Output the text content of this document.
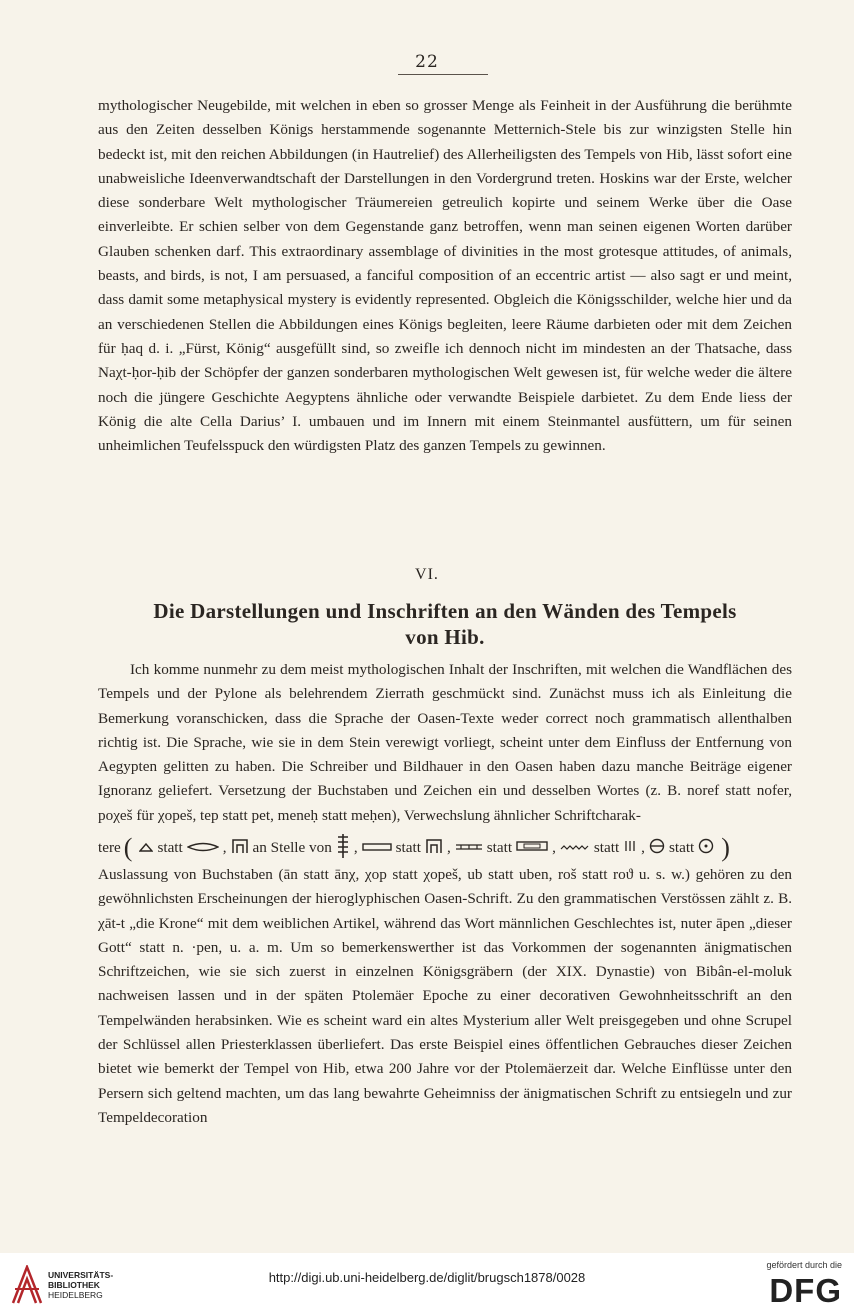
22

mythologischer Neugebilde, mit welchen in eben so grosser Menge als Feinheit in der Ausführung die berühmte aus den Zeiten desselben Königs herstammende sogenannte Metternich-Stele bis zur winzigsten Stelle hin bedeckt ist, mit den reichen Abbildungen (in Hautrelief) des Allerheiligsten des Tempels von Hib, lässt sofort eine unabweisliche Ideenverwandtschaft der Darstellungen in den Vordergrund treten. Hoskins war der Erste, welcher diese sonderbare Welt mythologischer Träumereien getreulich kopirte und seinem Werke über die Oase einverleibte. Er schien selber von dem Gegenstande ganz betroffen, wenn man seinen eigenen Worten darüber Glauben schenken darf. This extraordinary assemblage of divinities in the most grotesque attitudes, of animals, beasts, and birds, is not, I am persuased, a fanciful composition of an eccentric artist — also sagt er und meint, dass damit some metaphysical mystery is evidently represented. Obgleich die Königsschilder, welche hier und da an verschiedenen Stellen die Abbildungen eines Königs begleiten, leere Räume darbieten oder mit dem Zeichen für ḥaq d. i. „Fürst, König“ ausgefüllt sind, so zweifle ich dennoch nicht im mindesten an der Thatsache, dass Naχt-ḥor-ḥib der Schöpfer der ganzen sonderbaren mythologischen Welt gewesen ist, für welche weder die ältere noch die jüngere Geschichte Aegyptens ähnliche oder verwandte Beispiele darbietet. Zu dem Ende liess der König die alte Cella Darius’ I. umbauen und im Innern mit einem Steinmantel ausfüttern, um für seinen unheimlichen Teufelsspuck den würdigsten Platz des ganzen Tempels zu gewinnen.

VI.
Die Darstellungen und Inschriften an den Wänden des Tempels
von Hib.

Ich komme nunmehr zu dem meist mythologischen Inhalt der Inschriften, mit welchen die Wandflächen des Tempels und der Pylone als belehrendem Zierrath geschmückt sind. Zunächst muss ich als Einleitung die Bemerkung voranschicken, dass die Sprache der Oasen-Texte weder correct noch grammatisch allenthalben richtig ist. Die Sprache, wie sie in dem Stein verewigt vorliegt, scheint unter dem Einfluss der Entfernung von Aegypten gelitten zu haben. Die Schreiber und Bildhauer in den Oasen haben dazu manche Beiträge eigener Ignoranz geliefert. Versetzung der Buchstaben und Zeichen ein und desselben Wortes (z. B. noref statt nofer, poχeš für χopeš, tep statt pet, meneḥ statt meḥen), Verwechslung ähnlicher Schriftcharak-

tere ( statt	, an Stelle von ,	statt , statt	,	statt , statt )

Auslassung von Buchstaben (ān statt ānχ, χop statt χopeš, ub statt uben, roš statt roϑ u. s. w.) gehören zu den gewöhnlichsten Erscheinungen der hieroglyphischen Oasen-Schrift. Zu den grammatischen Verstössen zählt z. B. χāt-t „die Krone“ mit dem weiblichen Artikel, während das Wort männlichen Geschlechtes ist, nuter āpen „dieser Gott“ statt n. ·pen, u. a. m. Um so bemerkenswerther ist das Vorkommen der sogenannten änigmatischen Schriftzeichen, wie sie sich zuerst in einzelnen Königsgräbern (der XIX. Dynastie) von Bibân-el-moluk nachweisen lassen und in der späten Ptolemäer Epoche zu einer decorativen Gewohnheitsschrift an den Tempelwänden herabsinken. Wie es scheint ward ein altes Mysterium aller Welt preisgegeben und ohne Scrupel der Schlüssel allen Priesterklassen überliefert. Das erste Beispiel eines öffentlichen Gebrauches dieser Zeichen bietet wie bemerkt der Tempel von Hib, etwa 200 Jahre vor der Ptolemäerzeit dar. Welche Einflüsse unter den Persern sich geltend machten, um das lang bewahrte Geheimniss der änigmatischen Schrift zu entsiegeln und zur Tempeldecoration

UNIVERSITÄTS-
BIBLIOTHEK
HEIDELBERG
http://digi.ub.uni-heidelberg.de/diglit/brugsch1878/0028
gefördert durch die
DFG
